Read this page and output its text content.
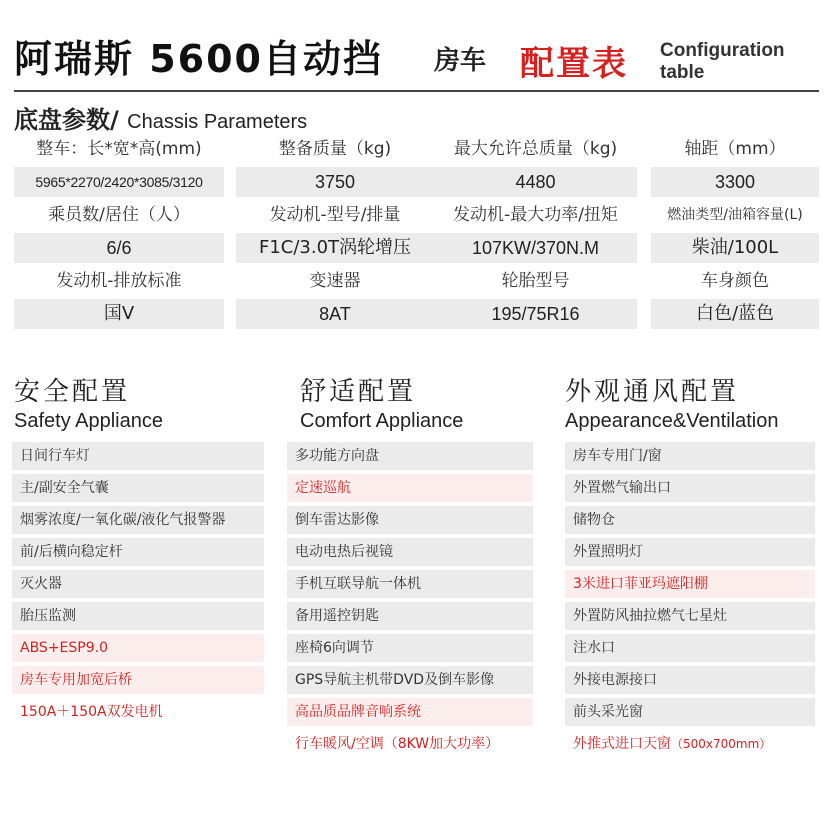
阿瑞斯 5600自动挡 房车 配置表 Configuration
table
底盘参数/ Chassis Parameters
整车：长*宽*高(mm)
5965*2270/2420*3085/3120
整备质量（kg)
3750
最大允许总质量（kg)
4480
轴距（mm）
3300
乘员数/居住（人）
6/6
发动机-型号/排量
F1C/3.0T涡轮增压
发动机-最大功率/扭矩
107KW/370N.M
燃油类型/油箱容量(L)
柴油/100L
发动机-排放标准
国V
变速器
8AT
轮胎型号
195/75R16
车身颜色
白色/蓝色
安全配置
Safety Appliance
舒适配置
Comfort Appliance
外观通风配置
Appearance&Ventilation
日间行车灯
主/副安全气囊
烟雾浓度/一氧化碳/液化气报警器
前/后横向稳定杆
灭火器
胎压监测
ABS+ESP9.0
房车专用加宽后桥
150A＋150A双发电机
多功能方向盘
定速巡航
倒车雷达影像
电动电热后视镜
手机互联导航一体机
备用遥控钥匙
座椅6向调节
GPS导航主机带DVD及倒车影像
高品质品牌音响系统
行车暖风/空调（8KW加大功率）
房车专用门/窗
外置燃气输出口
储物仓
外置照明灯
3米进口菲亚玛遮阳棚
外置防风抽拉燃气七星灶
注水口
外接电源接口
前头采光窗
外推式进口天窗（500x700mm）
